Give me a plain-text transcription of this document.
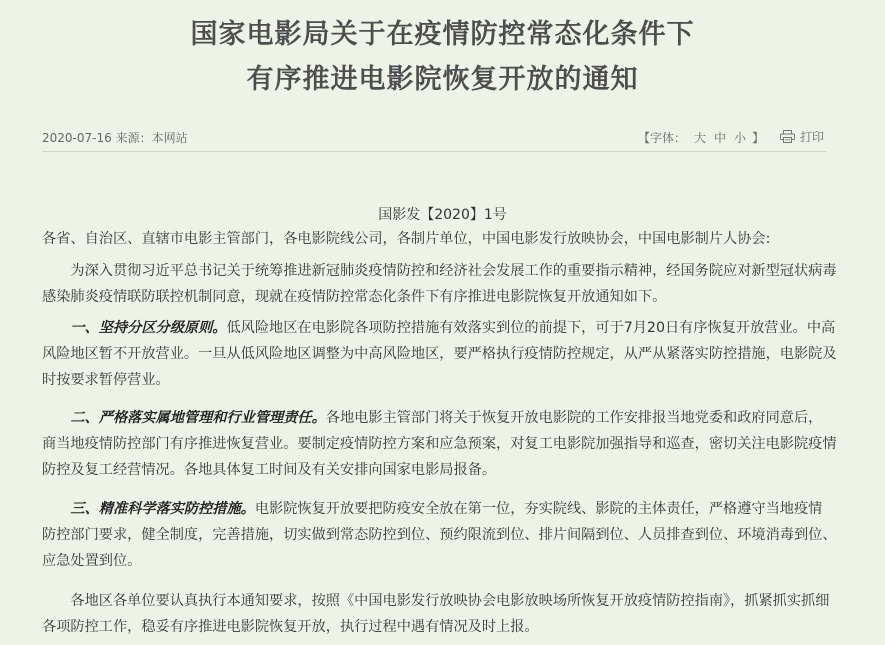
国家电影局关于在疫情防控常态化条件下
有序推进电影院恢复开放的通知
2020-07-16 来源：本网站	【字体： 大 中 小 】	打印
国影发【2020】1号
各省、自治区、直辖市电影主管部门，各电影院线公司，各制片单位，中国电影发行放映协会，中国电影制片人协会:
　　为深入贯彻习近平总书记关于统筹推进新冠肺炎疫情防控和经济社会发展工作的重要指示精神，经国务院应对新型冠状病毒
感染肺炎疫情联防联控机制同意，现就在疫情防控常态化条件下有序推进电影院恢复开放通知如下。
　　一、坚持分区分级原则。低风险地区在电影院各项防控措施有效落实到位的前提下，可于7月20日有序恢复开放营业。中高
风险地区暂不开放营业。一旦从低风险地区调整为中高风险地区，要严格执行疫情防控规定，从严从紧落实防控措施，电影院及
时按要求暂停营业。
　　二、严格落实属地管理和行业管理责任。各地电影主管部门将关于恢复开放电影院的工作安排报当地党委和政府同意后，
商当地疫情防控部门有序推进恢复营业。要制定疫情防控方案和应急预案，对复工电影院加强指导和巡查，密切关注电影院疫情
防控及复工经营情况。各地具体复工时间及有关安排向国家电影局报备。
　　三、精准科学落实防控措施。电影院恢复开放要把防疫安全放在第一位，夯实院线、影院的主体责任，严格遵守当地疫情
防控部门要求，健全制度，完善措施，切实做到常态防控到位、预约限流到位、排片间隔到位、人员排查到位、环境消毒到位、
应急处置到位。
　　各地区各单位要认真执行本通知要求，按照《中国电影发行放映协会电影放映场所恢复开放疫情防控指南》，抓紧抓实抓细
各项防控工作，稳妥有序推进电影院恢复开放，执行过程中遇有情况及时上报。
